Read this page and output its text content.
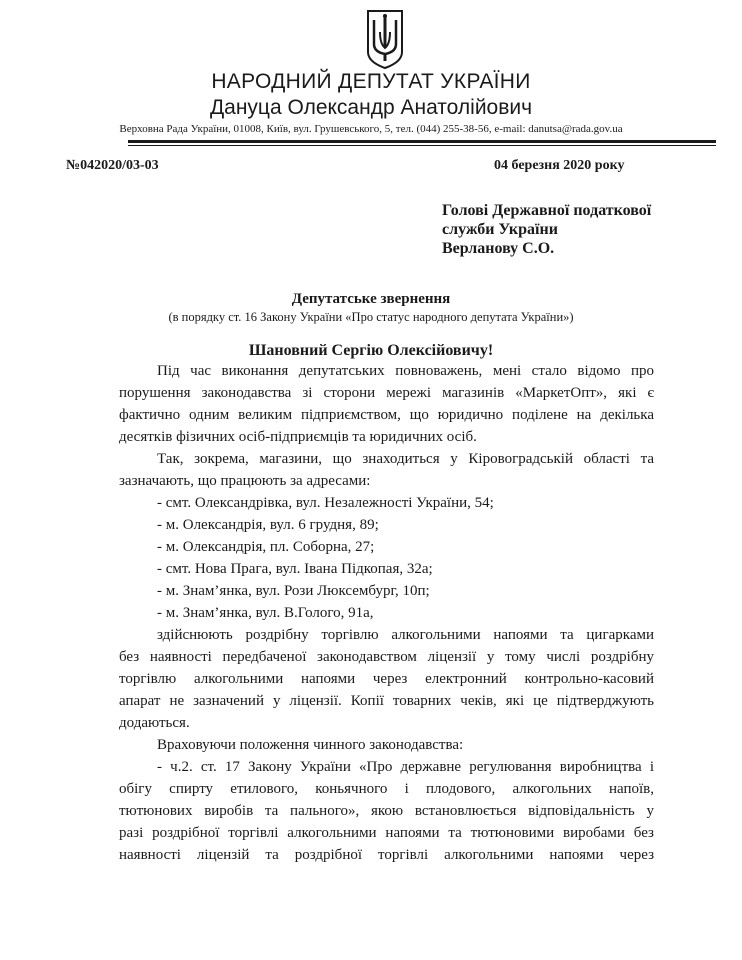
НАРОДНИЙ ДЕПУТАТ УКРАЇНИ
Дануца Олександр Анатолійович
Верховна Рада України, 01008, Київ, вул. Грушевського, 5, тел. (044) 255-38-56, e-mail: danutsa@rada.gov.ua
№042020/03-03	04 березня 2020 року
Голові Державної податкової
служби України
Верланову С.О.
Депутатське звернення
(в порядку ст. 16 Закону України «Про статус народного депутата України»)
Шановний Сергію Олексійовичу!
Під час виконання депутатських повноважень, мені стало відомо про
порушення законодавства зі сторони мережі магазинів «МаркетОпт», які є
фактично одним великим підприємством, що юридично поділене на декілька
десятків фізичних осіб-підприємців та юридичних осіб.
Так, зокрема, магазини, що знаходиться у Кіровоградській області та
зазначають, що працюють за адресами:
- смт. Олександрівка, вул. Незалежності України, 54;
- м. Олександрія, вул. 6 грудня, 89;
- м. Олександрія, пл. Соборна, 27;
- смт. Нова Прага, вул. Івана Підкопая, 32а;
- м. Знам’янка, вул. Рози Люксембург, 10п;
- м. Знам’янка, вул. В.Голого, 91а,
здійснюють роздрібну торгівлю алкогольними напоями та цигарками
без наявності передбаченої законодавством ліцензії у тому числі роздрібну
торгівлю алкогольними напоями через електронний контрольно-касовий
апарат не зазначений у ліцензії. Копії товарних чеків, які це підтверджують
додаються.
Враховуючи положення чинного законодавства:
- ч.2. ст. 17 Закону України «Про державне регулювання виробництва і
обігу спирту етилового, коньячного і плодового, алкогольних напоїв,
тютюнових виробів та пального», якою встановлюється відповідальність у
разі роздрібної торгівлі алкогольними напоями та тютюновими виробами без
наявності ліцензій та роздрібної торгівлі алкогольними напоями через
